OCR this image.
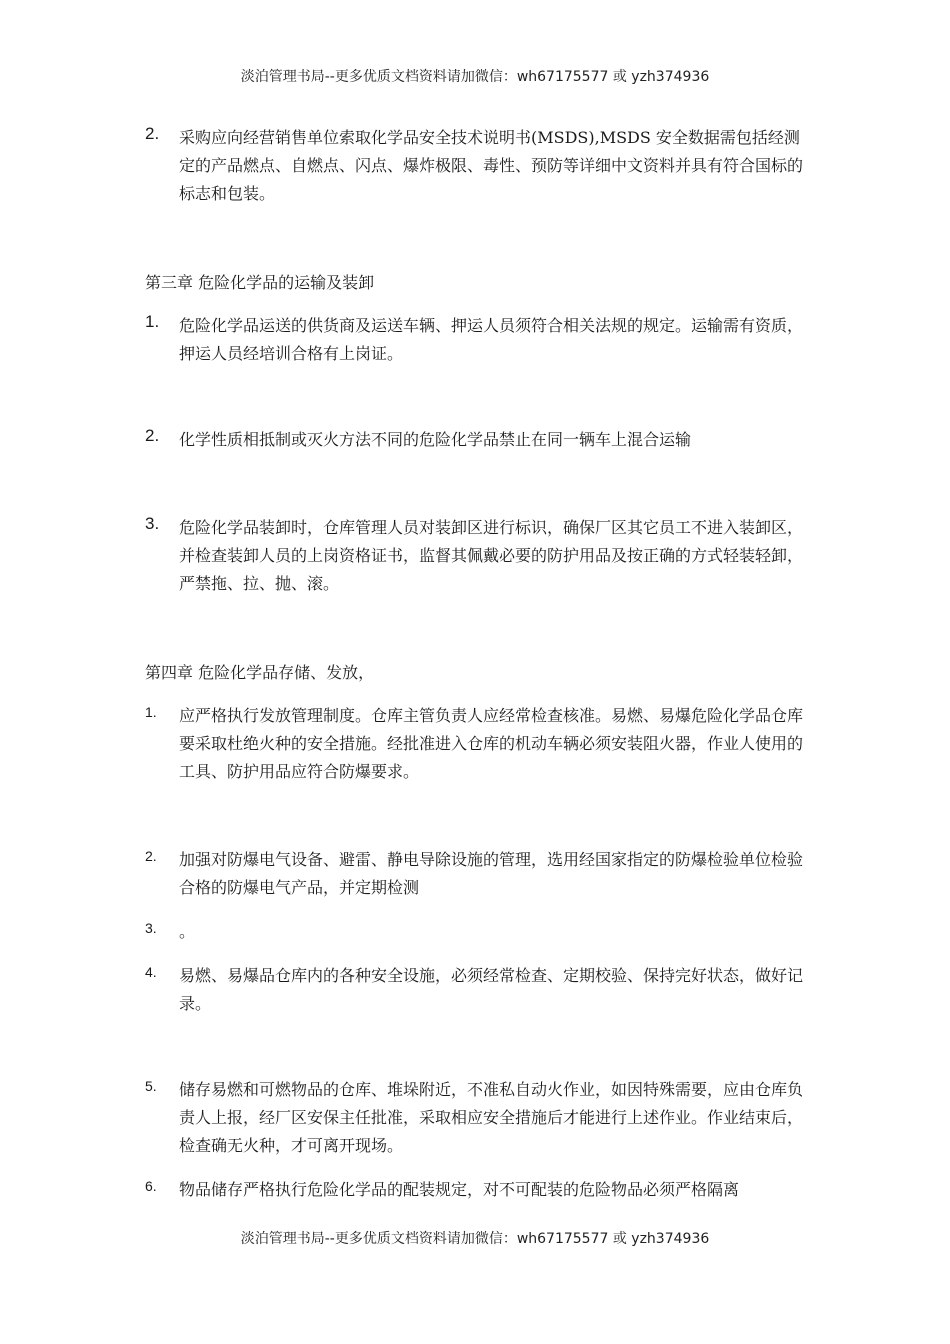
淡泊管理书局--更多优质文档资料请加微信：wh67175577 或 yzh374936
2. 采购应向经营销售单位索取化学品安全技术说明书(MSDS),MSDS 安全数据需包括经测定的产品燃点、自燃点、闪点、爆炸极限、毒性、预防等详细中文资料并具有符合国标的标志和包装。
第三章 危险化学品的运输及装卸
1. 危险化学品运送的供货商及运送车辆、押运人员须符合相关法规的规定。运输需有资质，押运人员经培训合格有上岗证。
2. 化学性质相抵制或灭火方法不同的危险化学品禁止在同一辆车上混合运输
3. 危险化学品装卸时，仓库管理人员对装卸区进行标识，确保厂区其它员工不进入装卸区，并检查装卸人员的上岗资格证书，监督其佩戴必要的防护用品及按正确的方式轻装轻卸，严禁拖、拉、抛、滚。
第四章 危险化学品存储、发放，
1. 应严格执行发放管理制度。仓库主管负责人应经常检查核准。易燃、易爆危险化学品仓库要采取杜绝火种的安全措施。经批准进入仓库的机动车辆必须安装阻火器，作业人使用的工具、防护用品应符合防爆要求。
2. 加强对防爆电气设备、避雷、静电导除设施的管理，选用经国家指定的防爆检验单位检验合格的防爆电气产品，并定期检测
3. 。
4. 易燃、易爆品仓库内的各种安全设施，必须经常检查、定期校验、保持完好状态，做好记录。
5. 储存易燃和可燃物品的仓库、堆垛附近，不准私自动火作业，如因特殊需要，应由仓库负责人上报，经厂区安保主任批准，采取相应安全措施后才能进行上述作业。作业结束后，检查确无火种，才可离开现场。
6. 物品储存严格执行危险化学品的配装规定，对不可配装的危险物品必须严格隔离
淡泊管理书局--更多优质文档资料请加微信：wh67175577 或 yzh374936
